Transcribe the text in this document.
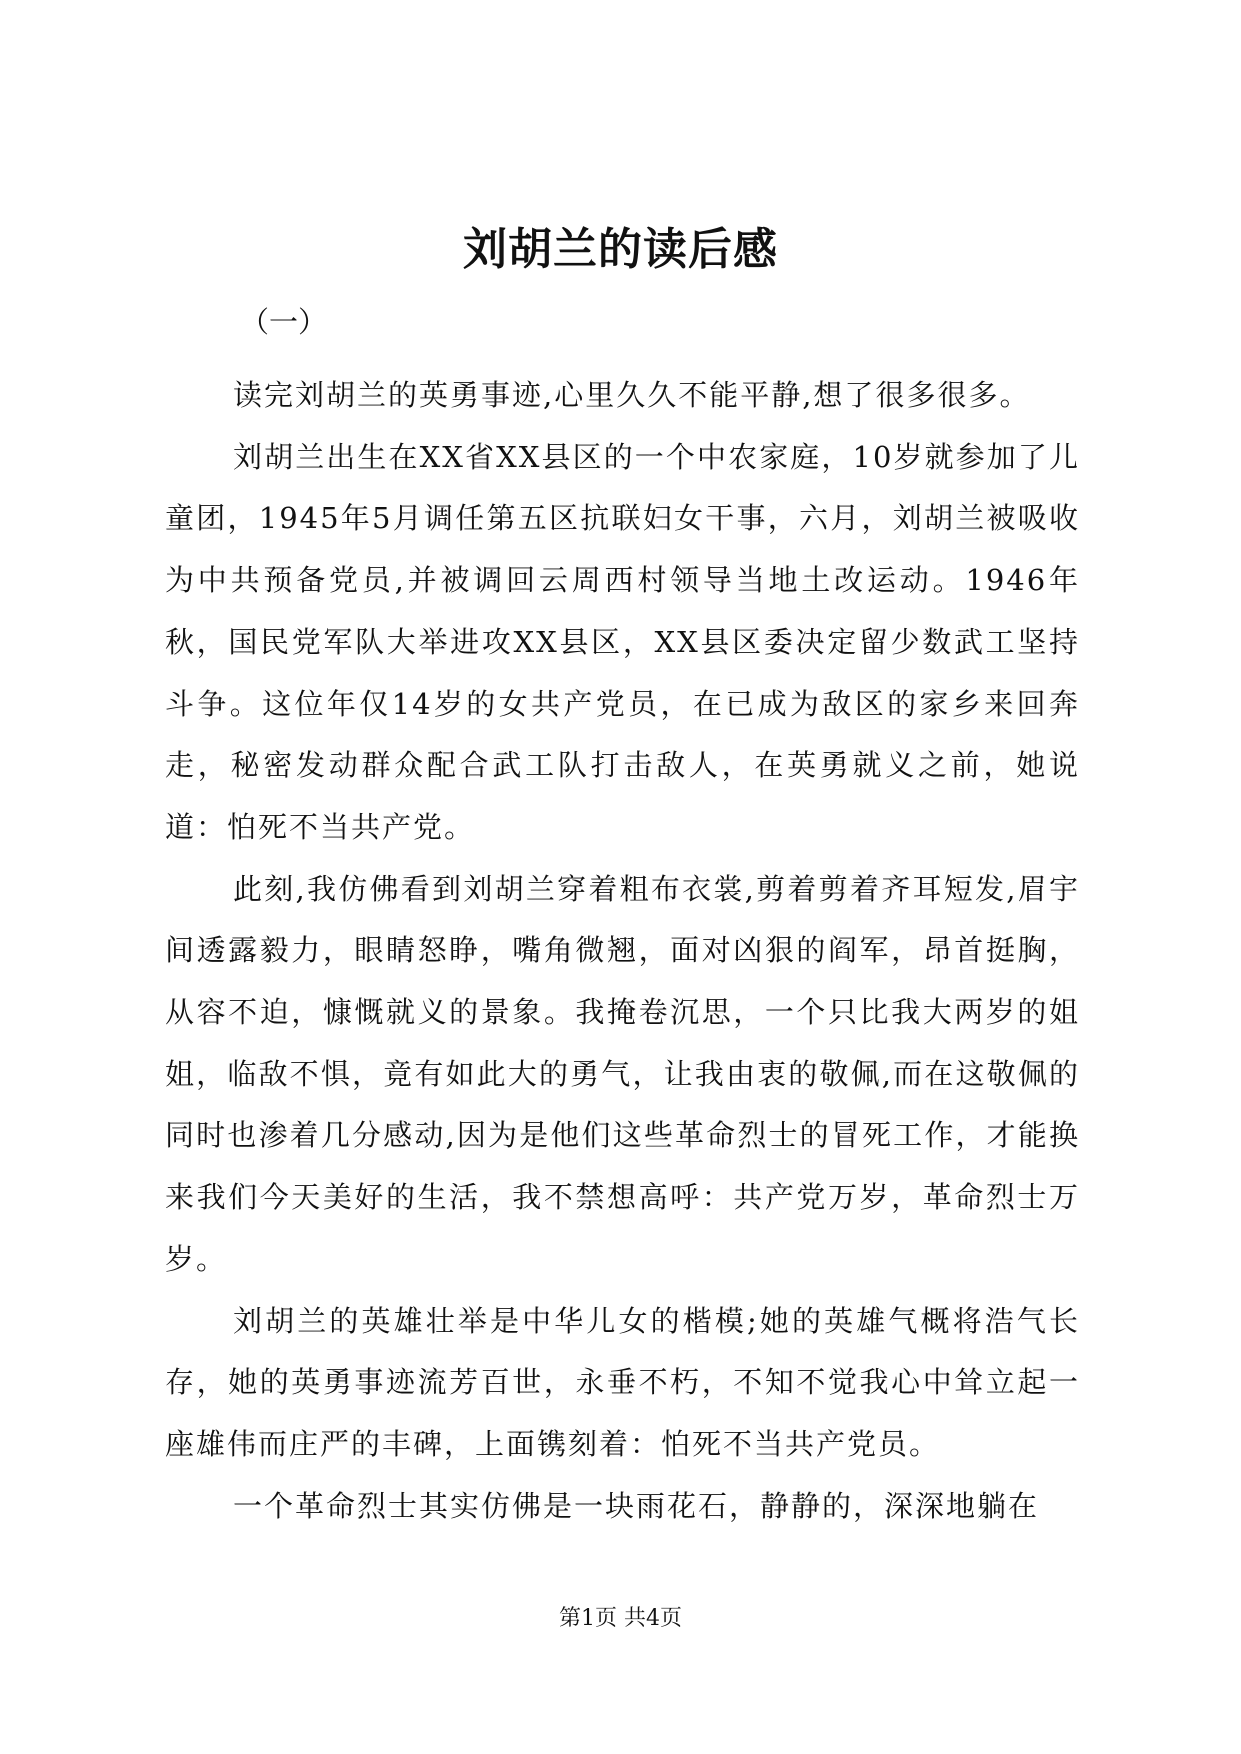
刘胡兰的读后感
（一）

读完刘胡兰的英勇事迹,心里久久不能平静,想了很多很多。

刘胡兰出生在XX省XX县区的一个中农家庭，10岁就参加了儿童团，1945年5月调任第五区抗联妇女干事，六月，刘胡兰被吸收为中共预备党员,并被调回云周西村领导当地土改运动。1946年秋，国民党军队大举进攻XX县区，XX县区委决定留少数武工坚持斗争。这位年仅14岁的女共产党员，在已成为敌区的家乡来回奔走，秘密发动群众配合武工队打击敌人，在英勇就义之前，她说道：怕死不当共产党。

此刻,我仿佛看到刘胡兰穿着粗布衣裳,剪着剪着齐耳短发,眉宇间透露毅力，眼睛怒睁，嘴角微翘，面对凶狠的阎军，昂首挺胸，从容不迫，慷慨就义的景象。我掩卷沉思，一个只比我大两岁的姐姐，临敌不惧，竟有如此大的勇气，让我由衷的敬佩,而在这敬佩的同时也渗着几分感动,因为是他们这些革命烈士的冒死工作，才能换来我们今天美好的生活，我不禁想高呼：共产党万岁，革命烈士万岁。

刘胡兰的英雄壮举是中华儿女的楷模;她的英雄气概将浩气长存，她的英勇事迹流芳百世，永垂不朽，不知不觉我心中耸立起一座雄伟而庄严的丰碑，上面镌刻着：怕死不当共产党员。

一个革命烈士其实仿佛是一块雨花石，静静的，深深地躺在

第1页 共4页
